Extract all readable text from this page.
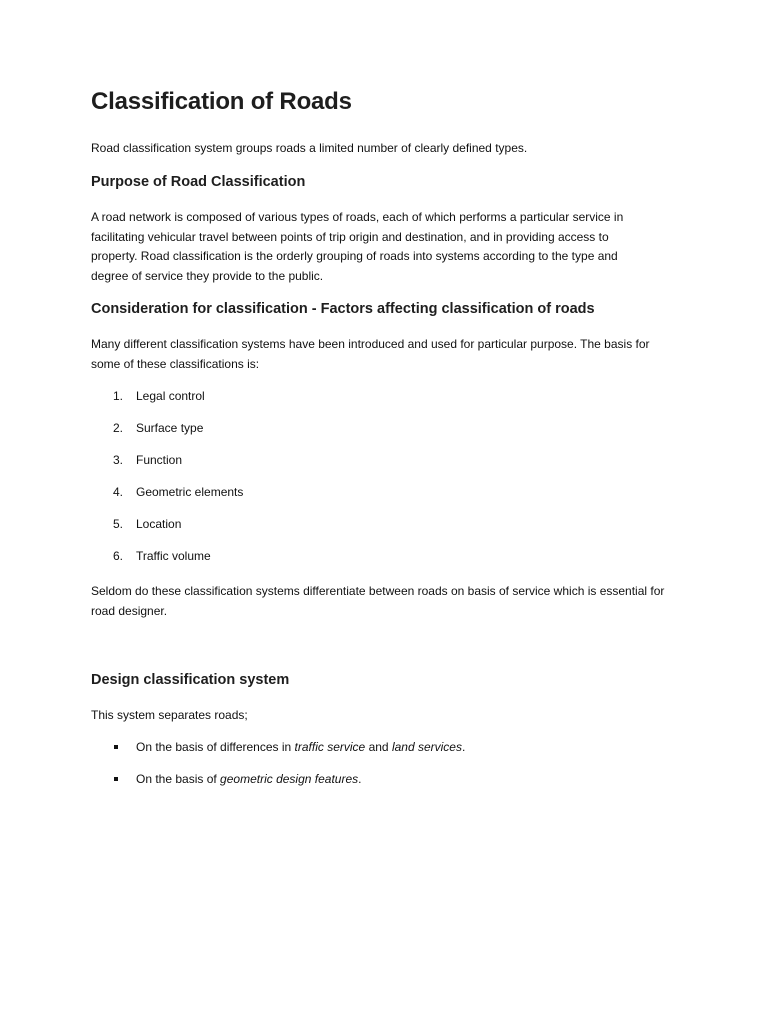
Classification of Roads

Road classification system groups roads a limited number of clearly defined types.

Purpose of Road Classification

A road network is composed of various types of roads, each of which performs a particular service in
facilitating vehicular travel between points of trip origin and destination, and in providing access to
property. Road classification is the orderly grouping of roads into systems according to the type and
degree of service they provide to the public.

Consideration for classification - Factors affecting classification of roads

Many different classification systems have been introduced and used for particular purpose. The basis for
some of these classifications is:

1. Legal control
2. Surface type
3. Function
4. Geometric elements
5. Location
6. Traffic volume

Seldom do these classification systems differentiate between roads on basis of service which is essential for
road designer.

Design classification system

This system separates roads;

On the basis of differences in traffic service and land services.
On the basis of geometric design features.
